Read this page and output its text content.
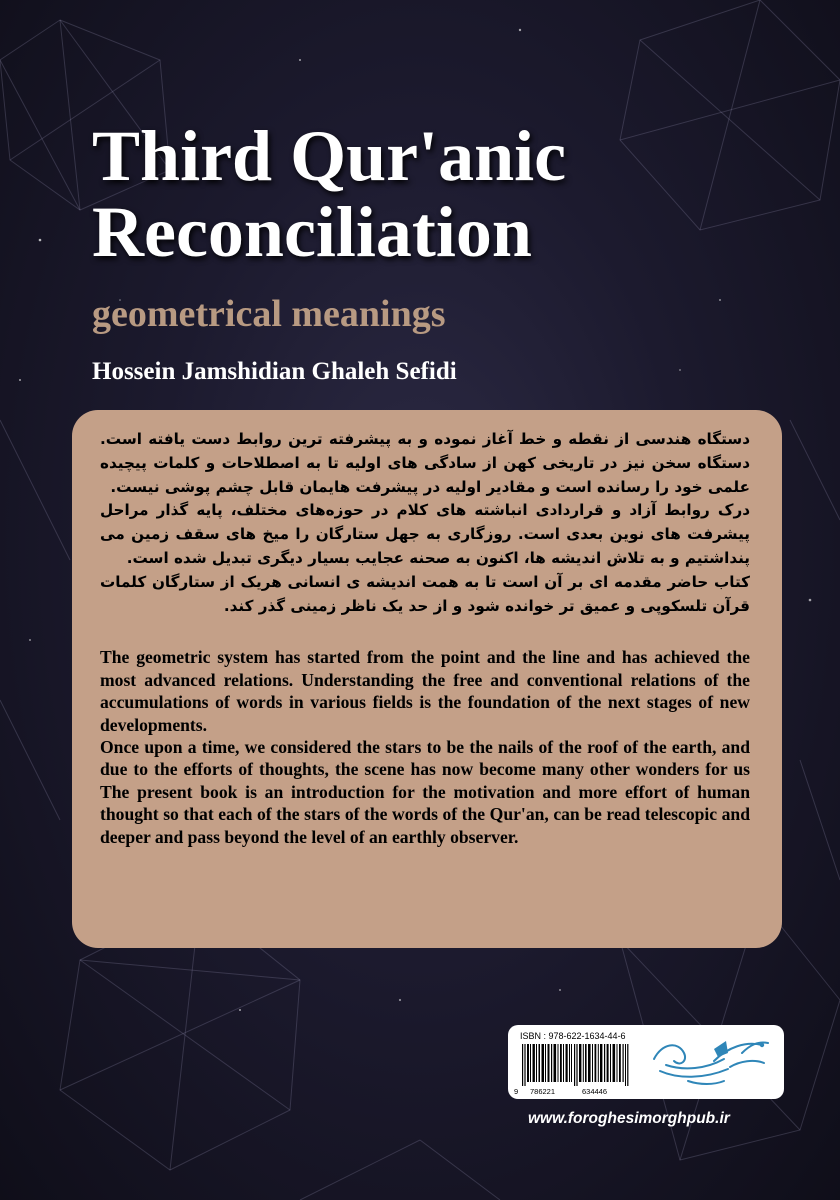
Third Qur'anic
Reconciliation
geometrical meanings
Hossein Jamshidian Ghaleh Sefidi

دستگاه هندسی از نقطه و خط آغاز نموده و به پیشرفته ترین روابط دست یافته است. دستگاه سخن نیز در تاریخی کهن از سادگی های اولیه تا به اصطلاحات و کلمات پیچیده علمی خود را رسانده است و مقادیر اولیه در پیشرفت هایمان قابل چشم پوشی نیست.

درک روابط آزاد و قراردادی انباشته های کلام در حوزه‌های مختلف، پایه گذار مراحل پیشرفت های نوین بعدی است. روزگاری به جهل ستارگان را میخ های سقف زمین می پنداشتیم و به تلاش اندیشه ها، اکنون به صحنه عجایب بسیار دیگری تبدیل شده است.

کتاب حاضر مقدمه ای بر آن است تا به همت اندیشه ی انسانی هریک از ستارگان کلمات قرآن تلسکوپی و عمیق تر خوانده شود و از حد یک ناظر زمینی گذر کند.

The geometric system has started from the point and the line and has achieved the most advanced relations. Understanding the free and conventional relations of the accumulations of words in various fields is the foundation of the next stages of new developments.

Once upon a time, we considered the stars to be the nails of the roof of the earth, and due to the efforts of thoughts, the scene has now become many other wonders for us The present book is an introduction for the motivation and more effort of human thought so that each of the stars of the words of the Qur'an, can be read telescopic and deeper and pass beyond the level of an earthly observer.

ISBN : 978-622-1634-44-6
9 786221	634446
www.foroghesimorghpub.ir
